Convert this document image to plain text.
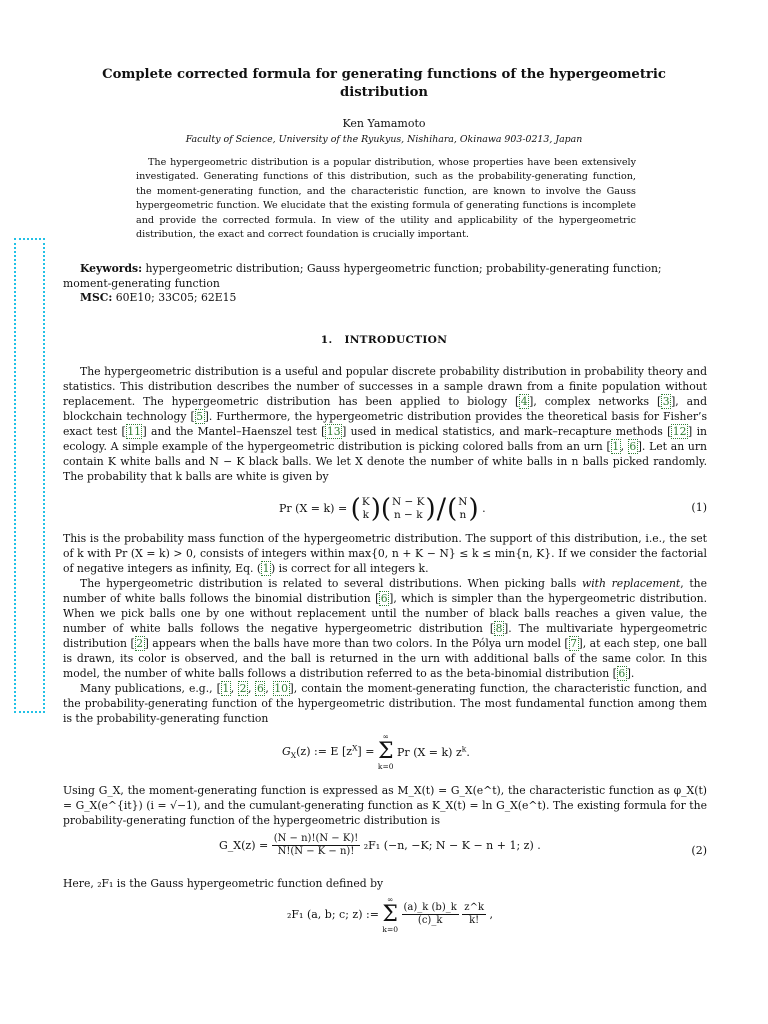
Complete corrected formula for generating functions of the hypergeometric distribution
Ken Yamamoto
Faculty of Science, University of the Ryukyus, Nishihara, Okinawa 903-0213, Japan
The hypergeometric distribution is a popular distribution, whose properties have been extensively investigated. Generating functions of this distribution, such as the probability-generating function, the moment-generating function, and the characteristic function, are known to involve the Gauss hypergeometric function. We elucidate that the existing formula of generating functions is incomplete and provide the corrected formula. In view of the utility and applicability of the hypergeometric distribution, the exact and correct foundation is crucially important.
Keywords: hypergeometric distribution; Gauss hypergeometric function; probability-generating function; moment-generating function
MSC: 60E10; 33C05; 62E15
1. INTRODUCTION
The hypergeometric distribution is a useful and popular discrete probability distribution in probability theory and statistics. This distribution describes the number of successes in a sample drawn from a finite population without replacement. The hypergeometric distribution has been applied to biology [ 4 ], complex networks [ 3 ], and blockchain technology [ 5 ]. Furthermore, the hypergeometric distribution provides the theoretical basis for Fisher’s exact test [ 11 ] and the Mantel–Haenszel test [ 13 ] used in medical statistics, and mark–recapture methods [ 12 ] in ecology. A simple example of the hypergeometric distribution is picking colored balls from an urn [ 1 , 6 ]. Let an urn contain K white balls and N − K black balls. We let X denote the number of white balls in n balls picked randomly. The probability that k balls are white is given by
Pr (X = k) = ( K
k ) ( N − K
n − k ) / ( N
n ) .	(1)
This is the probability mass function of the hypergeometric distribution. The support of this distribution, i.e., the set of k with Pr (X = k) > 0, consists of integers within max{0, n + K − N} ≤ k ≤ min{n, K}. If we consider the factorial of negative integers as infinity, Eq. ( 1 ) is correct for all integers k.
The hypergeometric distribution is related to several distributions. When picking balls with replacement, the number of white balls follows the binomial distribution [ 6 ], which is simpler than the hypergeometric distribution. When we pick balls one by one without replacement until the number of black balls reaches a given value, the number of white balls follows the negative hypergeometric distribution [ 8 ]. The multivariate hypergeometric distribution [ 2 ] appears when the balls have more than two colors. In the Pólya urn model [ 7 ], at each step, one ball is drawn, its color is observed, and the ball is returned in the urn with additional balls of the same color. In this model, the number of white balls follows a distribution referred to as the beta-binomial distribution [ 6 ].
Many publications, e.g., [ 1 , 2 , 6 , 10 ], contain the moment-generating function, the characteristic function, and the probability-generating function of the hypergeometric distribution. The most fundamental function among them is the probability-generating function
$G_X(z)$ := E $[z^X]$ =
∞
Σ
k=0
Pr (X = k) $z^k$.
Using G_X, the moment-generating function is expressed as M_X(t) = G_X(e^t), the characteristic function as φ_X(t) = G_X(e^{it}) (i = √−1), and the cumulant-generating function as K_X(t) = ln G_X(e^t). The existing formula for the probability-generating function of the hypergeometric distribution is
G_X(z) = $\frac{(N - n)!(N - K)!}{N!(N - K - n)!} _2F_1$ (−n, −K; N − K − n + 1; z) .	(2)
Here, ₂F₁ is the Gauss hypergeometric function defined by
₂F₁ (a, b; c; z) :=
∞
Σ
k=0

$\frac{(a)\_k (b)\_k}{(c)\_k}$
$\frac{z\^{}k}{k!}$ ,
